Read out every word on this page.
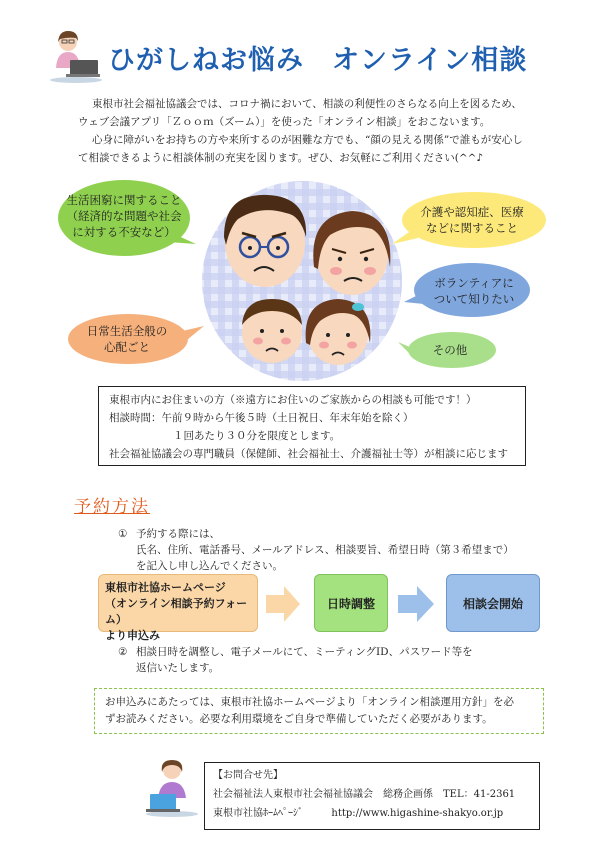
ひがしねお悩み　オンライン相談
東根市社会福祉協議会では、コロナ禍において、相談の利便性のさらなる向上を図るため、
ウェブ会議アプリ「Ｚｏｏｍ（ズーム）」を使った「オンライン相談」をおこないます。
心身に障がいをお持ちの方や来所するのが困難な方でも、“顔の見える関係”で誰もが安心し
て相談できるように相談体制の充実を図ります。ぜひ、お気軽にご利用ください(^^♪
生活困窮に関すること
（経済的な問題や社会
に対する不安など）
介護や認知症、医療
などに関すること
ボランティアに
ついて知りたい
日常生活全般の
心配ごと	その他
東根市内にお住まいの方（※遠方にお住いのご家族からの相談も可能です！）
相談時間：午前９時から午後５時（土日祝日、年末年始を除く）
１回あたり３０分を限度とします。
社会福祉協議会の専門職員（保健師、社会福祉士、介護福祉士等）が相談に応じます
予約方法
① 予約する際には、
氏名、住所、電話番号、メールアドレス、相談要旨、希望日時（第３希望まで）
を記入し申し込んでください。
東根市社協ホームページ
（オンライン相談予約フォーム）
より申込み
日時調整	相談会開始
② 相談日時を調整し、電子メールにて、ミーティングID、パスワード等を
返信いたします。
お申込みにあたっては、東根市社協ホームページより「オンライン相談運用方針」を必
ずお読みください。必要な利用環境をご自身で準備していただく必要があります。
【お問合せ先】
社会福祉法人東根市社会福祉協議会　総務企画係　TEL：41-2361
東根市社協ﾎｰﾑﾍﾟｰｼﾞ	http://www.higashine-shakyo.or.jp
